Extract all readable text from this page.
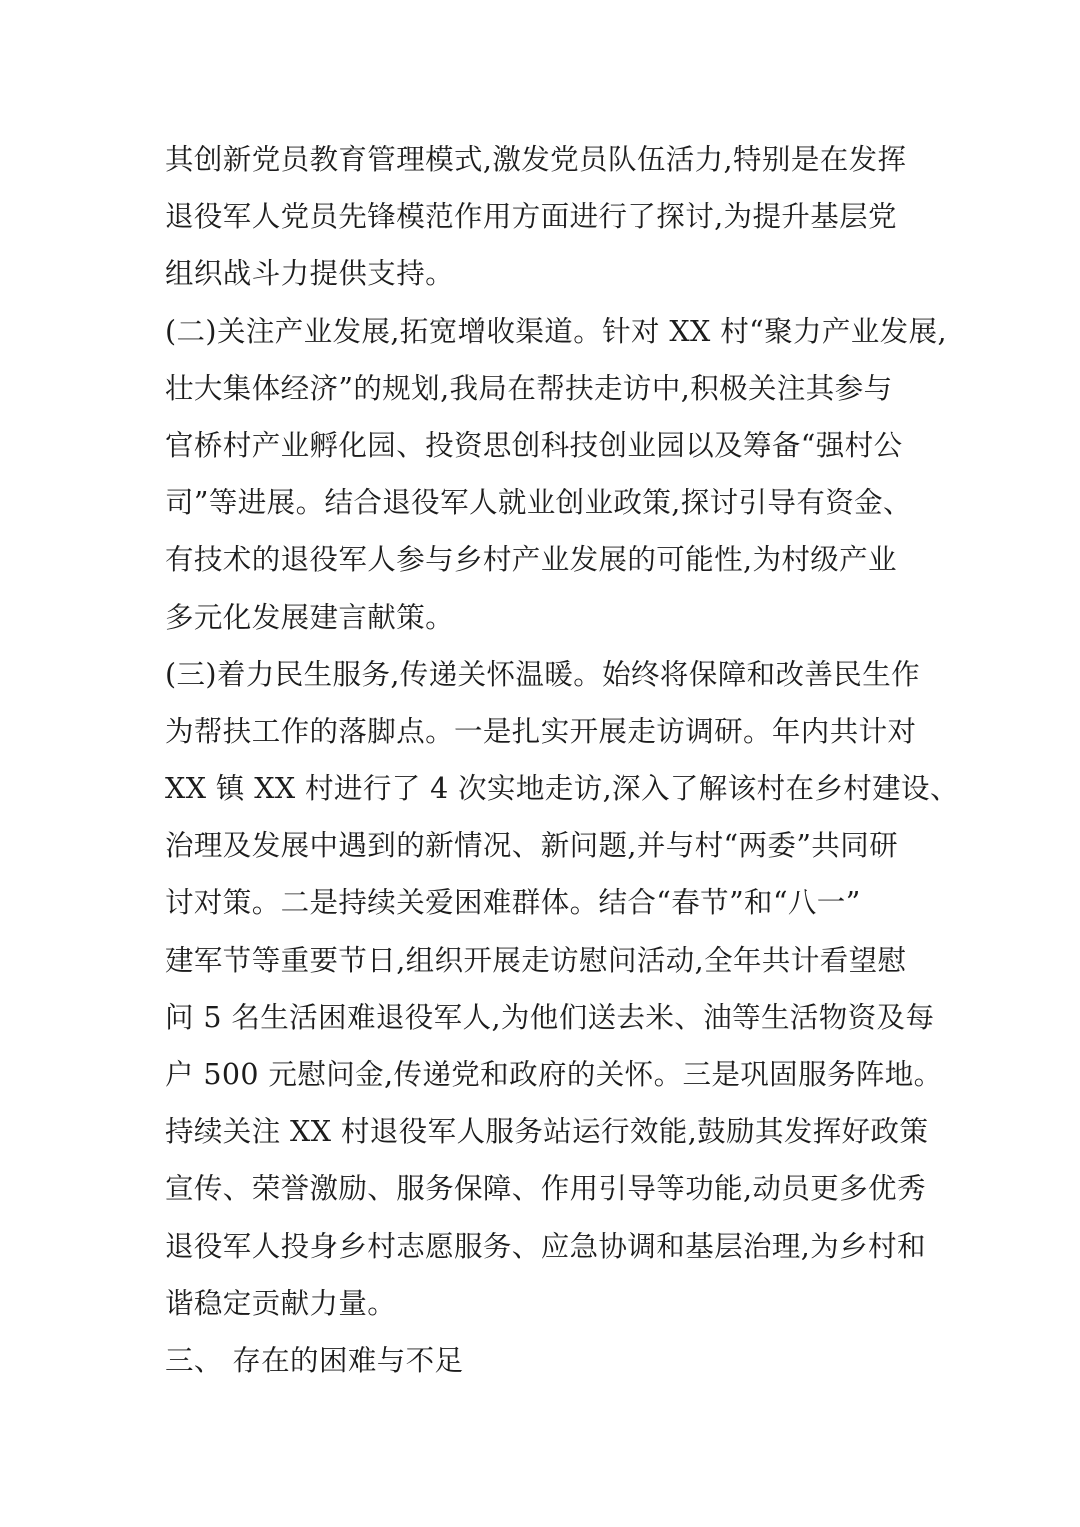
其创新党员教育管理模式,激发党员队伍活力,特别是在发挥
退役军人党员先锋模范作用方面进行了探讨,为提升基层党
组织战斗力提供支持。
(二)关注产业发展,拓宽增收渠道。针对 XX 村“聚力产业发展,
壮大集体经济”的规划,我局在帮扶走访中,积极关注其参与
官桥村产业孵化园、投资思创科技创业园以及筹备“强村公
司”等进展。结合退役军人就业创业政策,探讨引导有资金、
有技术的退役军人参与乡村产业发展的可能性,为村级产业
多元化发展建言献策。
(三)着力民生服务,传递关怀温暖。始终将保障和改善民生作
为帮扶工作的落脚点。一是扎实开展走访调研。年内共计对
XX 镇 XX 村进行了 4 次实地走访,深入了解该村在乡村建设、
治理及发展中遇到的新情况、新问题,并与村“两委”共同研
讨对策。二是持续关爱困难群体。结合“春节”和“八一”
建军节等重要节日,组织开展走访慰问活动,全年共计看望慰
问 5 名生活困难退役军人,为他们送去米、油等生活物资及每
户 500 元慰问金,传递党和政府的关怀。三是巩固服务阵地。
持续关注 XX 村退役军人服务站运行效能,鼓励其发挥好政策
宣传、荣誉激励、服务保障、作用引导等功能,动员更多优秀
退役军人投身乡村志愿服务、应急协调和基层治理,为乡村和
谐稳定贡献力量。
三、 存在的困难与不足
